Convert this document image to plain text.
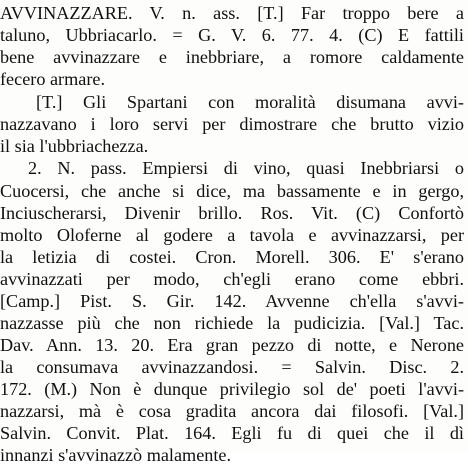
AVVINAZZARE. V. n. ass. [T.] Far troppo bere a
taluno, Ubbriacarlo. = G. V. 6. 77. 4. (C) E fattili
bene avvinazzare e inebbriare, a romore caldamente
fecero armare.
[T.] Gli Spartani con moralità disumana avvi-
nazzavano i loro servi per dimostrare che brutto vizio
il sia l'ubbriachezza.
2. N. pass. Empiersi di vino, quasi Inebbriarsi o
Cuocersi, che anche si dice, ma bassamente e in gergo,
Inciuscherarsi, Divenir brillo. Ros. Vit. (C) Confortò
molto Oloferne al godere a tavola e avvinazzarsi, per
la letizia di costei. Cron. Morell. 306. E' s'erano
avvinazzati per modo, ch'egli erano come ebbri.
[Camp.] Pist. S. Gir. 142. Avvenne ch'ella s'avvi-
nazzasse più che non richiede la pudicizia. [Val.] Tac.
Dav. Ann. 13. 20. Era gran pezzo di notte, e Nerone
la consumava avvinazzandosi. = Salvin. Disc. 2.
172. (M.) Non è dunque privilegio sol de' poeti l'avvi-
nazzarsi, mà è cosa gradita ancora dai filosofi. [Val.]
Salvin. Convit. Plat. 164. Egli fu di quei che il dì
innanzi s'avvinazzò malamente.
